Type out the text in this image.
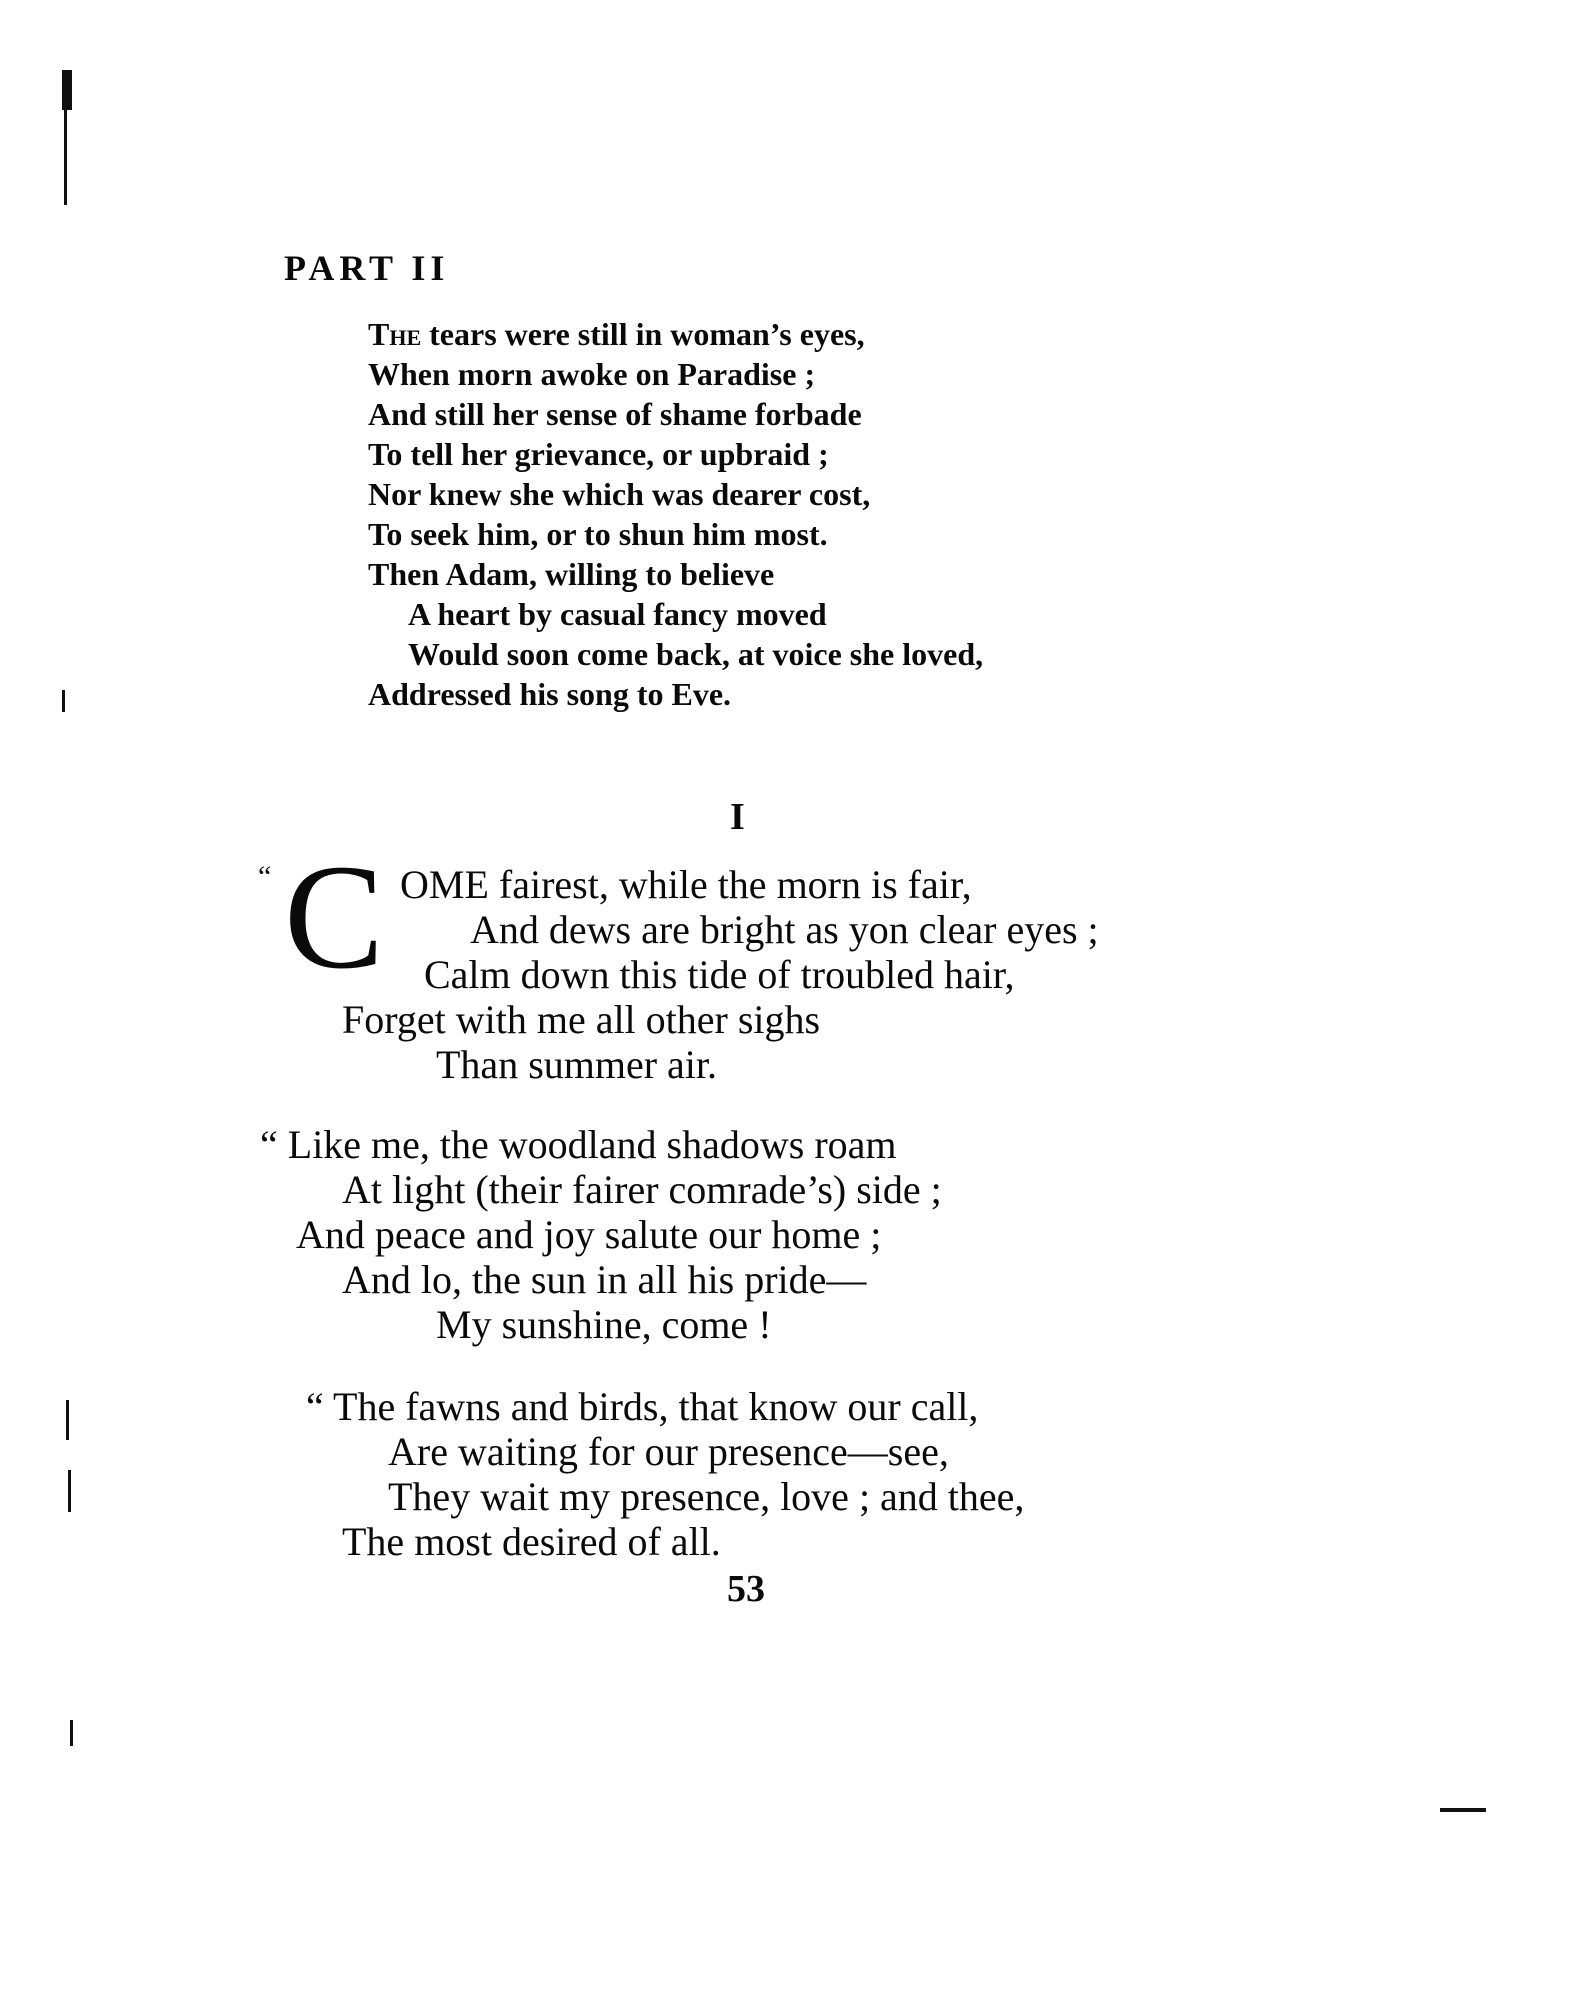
PART II
The tears were still in woman’s eyes,
When morn awoke on Paradise ;
And still her sense of shame forbade
To tell her grievance, or upbraid ;
Nor knew she which was dearer cost,
To seek him, or to shun him most.
Then Adam, willing to believe
A heart by casual fancy moved
Would soon come back, at voice she loved,
Addressed his song to Eve.
I
“ C OME fairest, while the morn is fair,
And dews are bright as yon clear eyes ;
Calm down this tide of troubled hair,
Forget with me all other sighs
Than summer air.
“ Like me, the woodland shadows roam
At light (their fairer comrade’s) side ;
And peace and joy salute our home ;
And lo, the sun in all his pride—
My sunshine, come !
“ The fawns and birds, that know our call,
Are waiting for our presence—see,
They wait my presence, love ; and thee,
The most desired of all.
53
